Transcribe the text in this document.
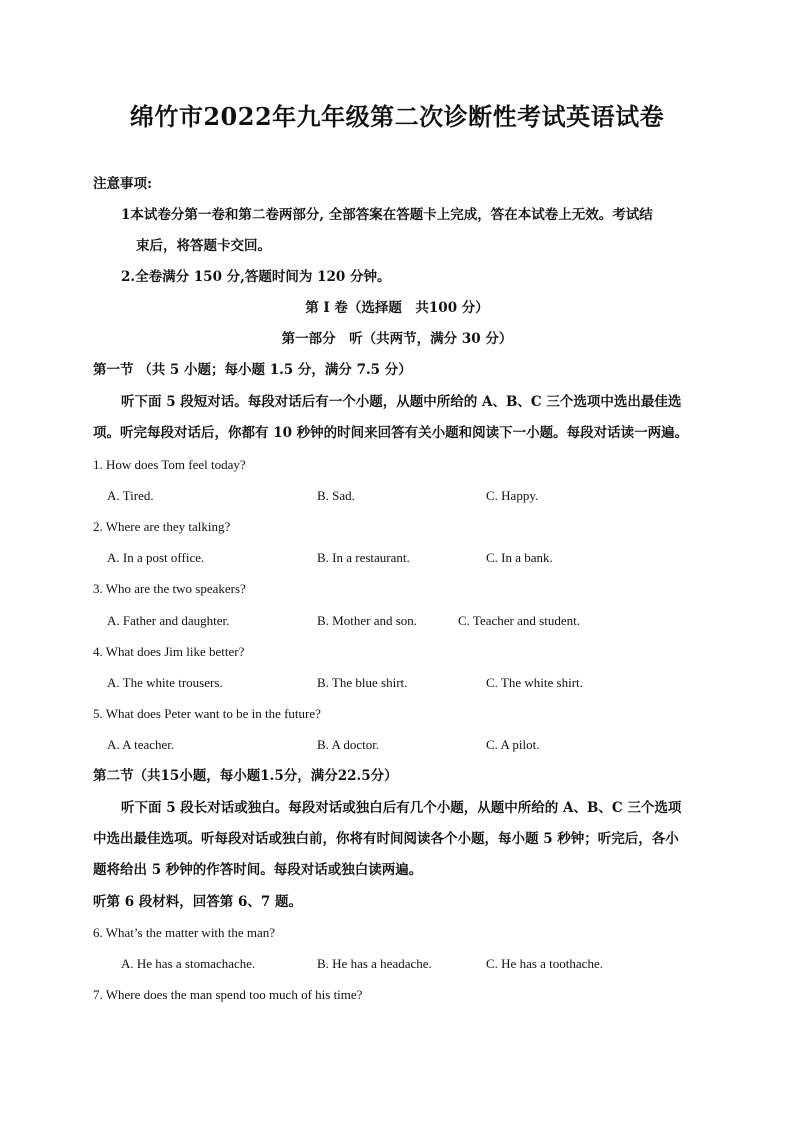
绵竹市2022年九年级第二次诊断性考试英语试卷
注意事项:
1本试卷分第一卷和第二卷两部分, 全部答案在答题卡上完成，答在本试卷上无效。考试结
束后，将答题卡交回。
2.全卷满分 150 分,答题时间为 120 分钟。
第 I 卷（选择题　共100 分）
第一部分　听（共两节，满分 30 分）
第一节 （共 5 小题；每小题 1.5 分，满分 7.5 分）
听下面 5 段短对话。每段对话后有一个小题，从题中所给的 A、B、C 三个选项中选出最佳选
项。听完每段对话后，你都有 10 秒钟的时间来回答有关小题和阅读下一小题。每段对话读一两遍。
1. How does Tom feel today?
A. Tired.	B. Sad.	C. Happy.
2. Where are they talking?
A. In a post office.	B. In a restaurant.	C. In a bank.
3. Who are the two speakers?
A. Father and daughter.	B. Mother and son.	C. Teacher and student.
4. What does Jim like better?
A. The white trousers.	B. The blue shirt.	C. The white shirt.
5. What does Peter want to be in the future?
A. A teacher.	B. A doctor.	C. A pilot.
第二节（共15小题，每小题1.5分，满分22.5分）
听下面 5 段长对话或独白。每段对话或独白后有几个小题，从题中所给的 A、B、C 三个选项
中选出最佳选项。听每段对话或独白前，你将有时间阅读各个小题，每小题 5 秒钟；听完后，各小
题将给出 5 秒钟的作答时间。每段对话或独白读两遍。
听第 6 段材料，回答第 6、7 题。
6. What’s the matter with the man?
A. He has a stomachache.	B. He has a headache.	C. He has a toothache.
7. Where does the man spend too much of his time?
